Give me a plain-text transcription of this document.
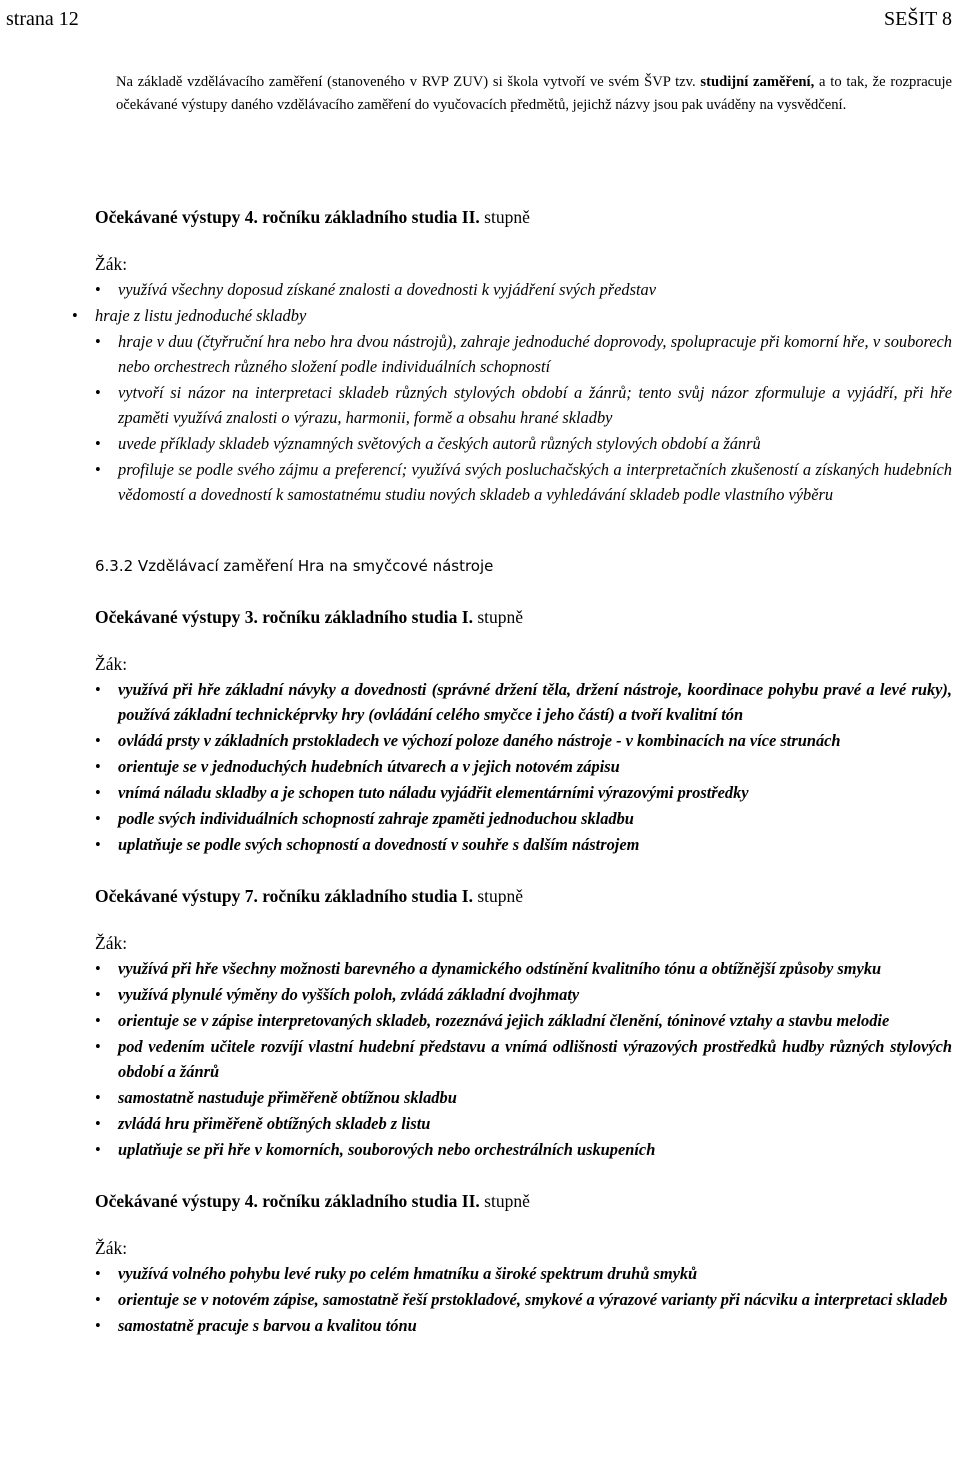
strana 12	SEŠIT 8
Na základě vzdělávacího zaměření (stanoveného v RVP ZUV) si škola vytvoří ve svém ŠVP tzv. studijní zaměření, a to tak, že rozpracuje očekávané výstupy daného vzdělávacího zaměření do vyučovacích předmětů, jejichž názvy jsou pak uváděny na vysvědčení.
Očekávané výstupy 4. ročníku základního studia II. stupně
Žák:
• využívá všechny doposud získané znalosti a dovednosti k vyjádření svých představ
• hraje z listu jednoduché skladby
• hraje v duu (čtyřruční hra nebo hra dvou nástrojů), zahraje jednoduché doprovody, spolupracuje při komorní hře, v souborech nebo orchestrech různého složení podle individuálních schopností
• vytvoří si názor na interpretaci skladeb různých stylových období a žánrů; tento svůj názor zformuluje a vyjádří, při hře zpaměti využívá znalosti o výrazu, harmonii, formě a obsahu hrané skladby
• uvede příklady skladeb významných světových a českých autorů různých stylových období a žánrů
• profiluje se podle svého zájmu a preferencí; využívá svých posluchačských a interpretačních zkušeností a získaných hudebních vědomostí a dovedností k samostatnému studiu nových skladeb a vyhledávání skladeb podle vlastního výběru
6.3.2 Vzdělávací zaměření Hra na smyčcové nástroje
Očekávané výstupy 3. ročníku základního studia I. stupně
Žák:
• využívá při hře základní návyky a dovednosti (správné držení těla, držení nástroje, koordinace pohybu pravé a levé ruky), používá základní technicképrvky hry (ovládání celého smyčce i jeho částí) a tvoří kvalitní tón
• ovládá prsty v základních prstokladech ve výchozí poloze daného nástroje - v kombinacích na více strunách
• orientuje se v jednoduchých hudebních útvarech a v jejich notovém zápisu
• vnímá náladu skladby a je schopen tuto náladu vyjádřit elementárními výrazovými prostředky
• podle svých individuálních schopností zahraje zpaměti jednoduchou skladbu
• uplatňuje se podle svých schopností a dovedností v souhře s dalším nástrojem
Očekávané výstupy 7. ročníku základního studia I. stupně
Žák:
• využívá při hře všechny možnosti barevného a dynamického odstínění kvalitního tónu a obtížnější způsoby smyku
• využívá plynulé výměny do vyšších poloh, zvládá základní dvojhmaty
• orientuje se v zápise interpretovaných skladeb, rozeznává jejich základní členění, tóninové vztahy a stavbu melodie
• pod vedením učitele rozvíjí vlastní hudební představu a vnímá odlišnosti výrazových prostředků hudby různých stylových období a žánrů
• samostatně nastuduje přiměřeně obtížnou skladbu
• zvládá hru přiměřeně obtížných skladeb z listu
• uplatňuje se při hře v komorních, souborových nebo orchestrálních uskupeních
Očekávané výstupy 4. ročníku základního studia II. stupně
Žák:
• využívá volného pohybu levé ruky po celém hmatníku a široké spektrum druhů smyků
• orientuje se v notovém zápise, samostatně řeší prstokladové, smykové a výrazové varianty při nácviku a interpretaci skladeb
• samostatně pracuje s barvou a kvalitou tónu
